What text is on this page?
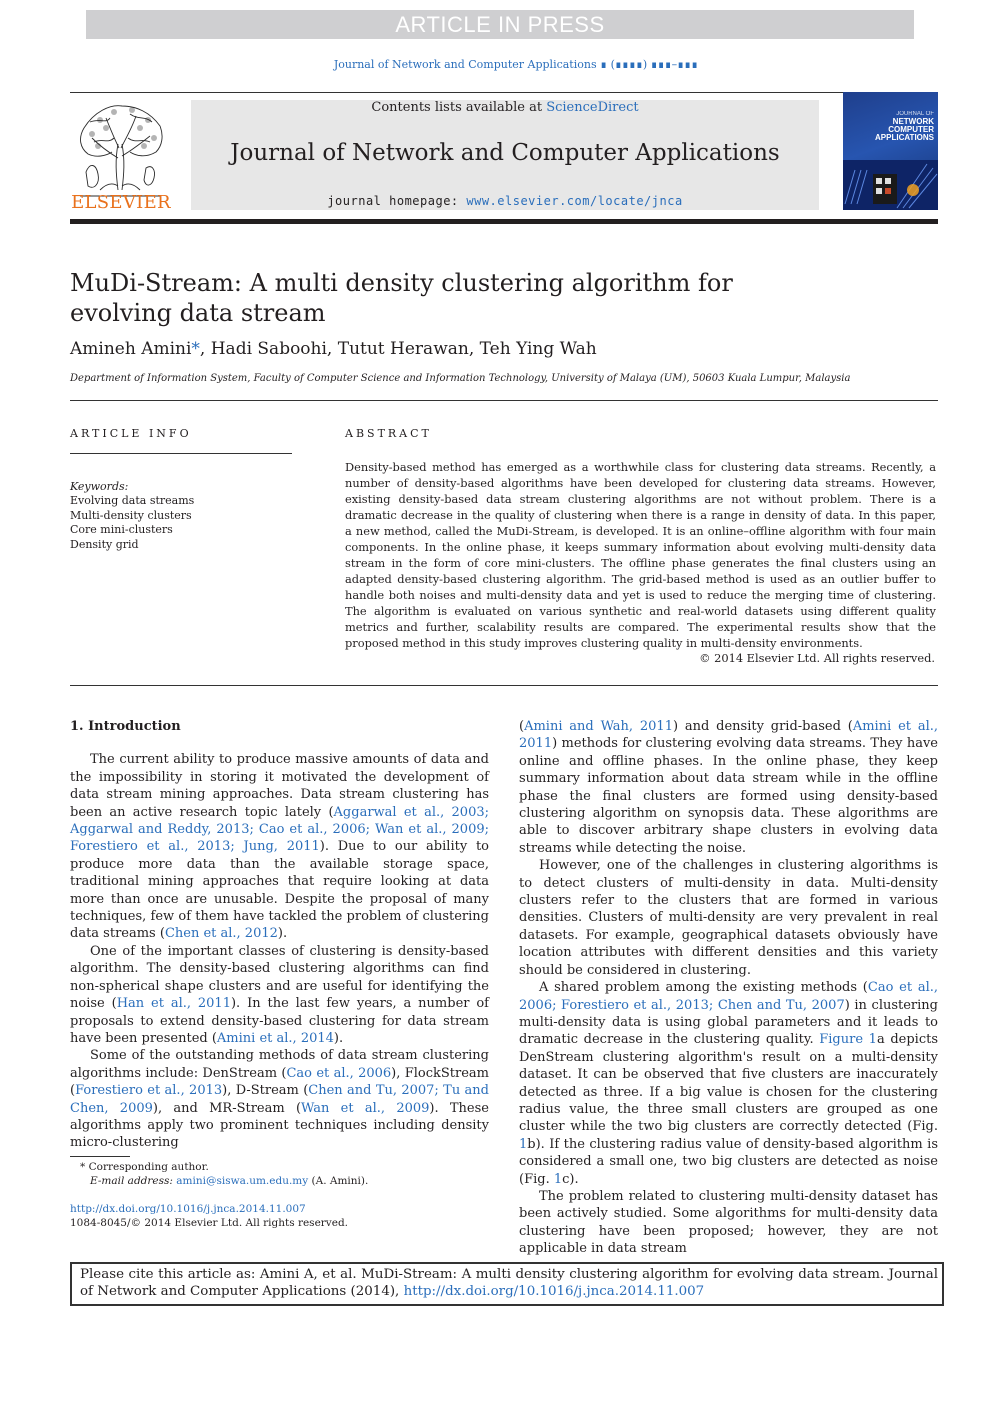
ARTICLE IN PRESS
Journal of Network and Computer Applications ∎ (∎∎∎∎) ∎∎∎–∎∎∎
ELSEVIER
Contents lists available at ScienceDirect
Journal of Network and Computer Applications
journal homepage: www.elsevier.com/locate/jnca
JOURNAL OF
NETWORK
COMPUTER
APPLICATIONS
MuDi-Stream: A multi density clustering algorithm for evolving data stream
Amineh Amini*, Hadi Saboohi, Tutut Herawan, Teh Ying Wah
Department of Information System, Faculty of Computer Science and Information Technology, University of Malaya (UM), 50603 Kuala Lumpur, Malaysia
ARTICLE INFO	ABSTRACT
Keywords:
Evolving data streams
Multi-density clusters
Core mini-clusters
Density grid

Density-based method has emerged as a worthwhile class for clustering data streams. Recently, a number of density-based algorithms have been developed for clustering data streams. However, existing density-based data stream clustering algorithms are not without problem. There is a dramatic decrease in the quality of clustering when there is a range in density of data. In this paper, a new method, called the MuDi-Stream, is developed. It is an online–offline algorithm with four main components. In the online phase, it keeps summary information about evolving multi-density data stream in the form of core mini-clusters. The offline phase generates the final clusters using an adapted density-based clustering algorithm. The grid-based method is used as an outlier buffer to handle both noises and multi-density data and yet is used to reduce the merging time of clustering. The algorithm is evaluated on various synthetic and real-world datasets using different quality metrics and further, scalability results are compared. The experimental results show that the proposed method in this study improves clustering quality in multi-density environments.

© 2014 Elsevier Ltd. All rights reserved.
1. Introduction

The current ability to produce massive amounts of data and the impossibility in storing it motivated the development of data stream mining approaches. Data stream clustering has been an active research topic lately (Aggarwal et al., 2003; Aggarwal and Reddy, 2013; Cao et al., 2006; Wan et al., 2009; Forestiero et al., 2013; Jung, 2011). Due to our ability to produce more data than the available storage space, traditional mining approaches that require looking at data more than once are unusable. Despite the proposal of many techniques, few of them have tackled the problem of clustering data streams (Chen et al., 2012).

One of the important classes of clustering is density-based algorithm. The density-based clustering algorithms can find non-spherical shape clusters and are useful for identifying the noise (Han et al., 2011). In the last few years, a number of proposals to extend density-based clustering for data stream have been presented (Amini et al., 2014).

Some of the outstanding methods of data stream clustering algorithms include: DenStream (Cao et al., 2006), FlockStream (Forestiero et al., 2013), D-Stream (Chen and Tu, 2007; Tu and Chen, 2009), and MR-Stream (Wan et al., 2009). These algorithms apply two prominent techniques including density micro-clustering

(Amini and Wah, 2011) and density grid-based (Amini et al., 2011) methods for clustering evolving data streams. They have online and offline phases. In the online phase, they keep summary information about data stream while in the offline phase the final clusters are formed using density-based clustering algorithm on synopsis data. These algorithms are able to discover arbitrary shape clusters in evolving data streams while detecting the noise.

However, one of the challenges in clustering algorithms is to detect clusters of multi-density in data. Multi-density clusters refer to the clusters that are formed in various densities. Clusters of multi-density are very prevalent in real datasets. For example, geographical datasets obviously have location attributes with different densities and this variety should be considered in clustering.

A shared problem among the existing methods (Cao et al., 2006; Forestiero et al., 2013; Chen and Tu, 2007) in clustering multi-density data is using global parameters and it leads to dramatic decrease in the clustering quality. Figure 1a depicts DenStream clustering algorithm's result on a multi-density dataset. It can be observed that five clusters are inaccurately detected as three. If a big value is chosen for the clustering radius value, the three small clusters are grouped as one cluster while the two big clusters are correctly detected (Fig. 1b). If the clustering radius value of density-based algorithm is considered a small one, two big clusters are detected as noise (Fig. 1c).

The problem related to clustering multi-density dataset has been actively studied. Some algorithms for multi-density data clustering have been proposed; however, they are not applicable in data stream

* Corresponding author.
E-mail address: amini@siswa.um.edu.my (A. Amini).
http://dx.doi.org/10.1016/j.jnca.2014.11.007
1084-8045/© 2014 Elsevier Ltd. All rights reserved.
Please cite this article as: Amini A, et al. MuDi-Stream: A multi density clustering algorithm for evolving data stream. Journal of Network and Computer Applications (2014), http://dx.doi.org/10.1016/j.jnca.2014.11.007
